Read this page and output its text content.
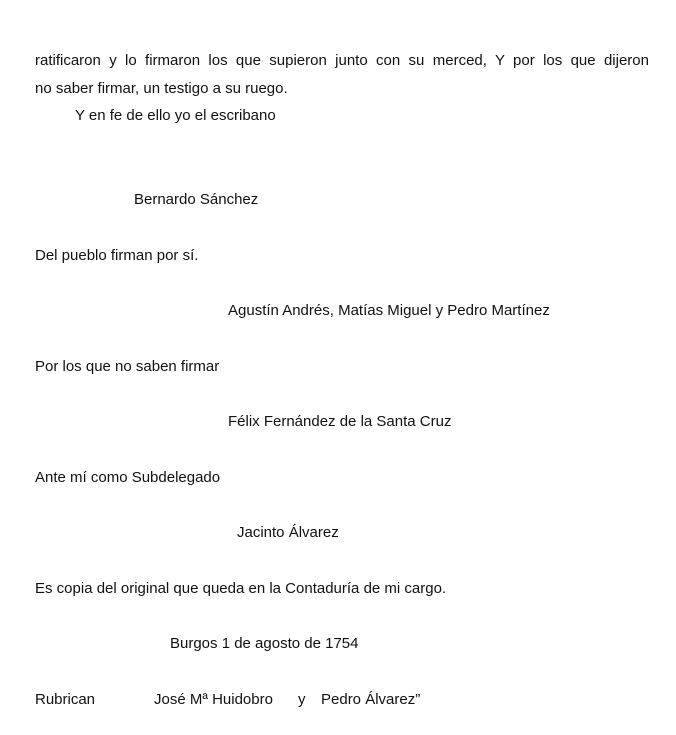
ratificaron y lo firmaron los que supieron junto con su merced, Y por los que dijeron
no saber firmar, un testigo a su ruego.
Y en fe de ello yo el escribano
Bernardo Sánchez
Del pueblo firman por sí.
Agustín Andrés, Matías Miguel y Pedro Martínez
Por los que no saben firmar
Félix Fernández de la Santa Cruz
Ante mí como Subdelegado
Jacinto Álvarez
Es copia del original que queda en la Contaduría de mi cargo.
Burgos 1 de agosto de 1754
Rubrican	José Mª Huidobro y Pedro Álvarez”
